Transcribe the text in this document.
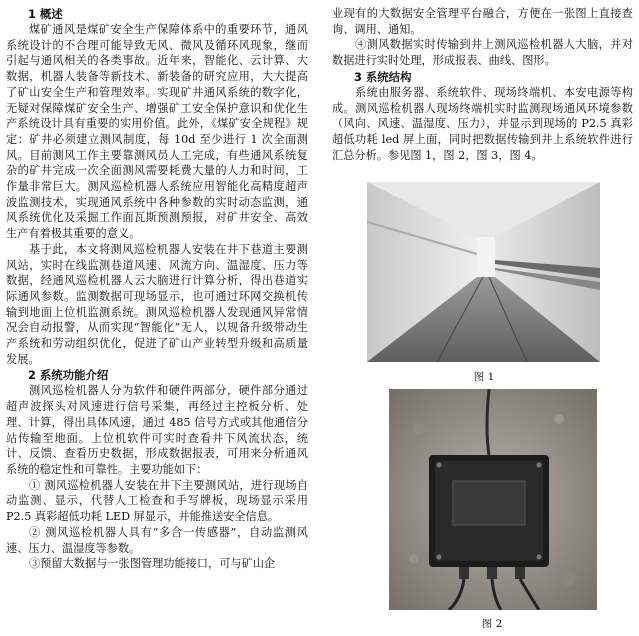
1 概述

煤矿通风是煤矿安全生产保障体系中的重要环节，通风系统设计的不合理可能导致无风、微风及循环风现象，继而引起与通风相关的各类事故。近年来，智能化、云计算、大数据，机器人装备等新技术、新装备的研究应用，大大提高了矿山安全生产和管理效率。实现矿井通风系统的数字化，无疑对保障煤矿安全生产、增强矿工安全保护意识和优化生产系统设计具有重要的实用价值。此外，《煤矿安全规程》规定：矿井必须建立测风制度，每 10d 至少进行 1 次全面测风。目前测风工作主要靠测风员人工完成，有些通风系统复杂的矿井完成一次全面测风需要耗费大量的人力和时间，工作量非常巨大。测风巡检机器人系统应用智能化高精度超声波监测技术，实现通风系统中各种参数的实时动态监测，通风系统优化及采掘工作面瓦斯预测预报，对矿井安全、高效生产有着极其重要的意义。

基于此，本文将测风巡检机器人安装在井下巷道主要测风站，实时在线监测巷道风速、风流方向、温湿度、压力等数据，经通风巡检机器人云大脑进行计算分析，得出巷道实际通风参数。监测数据可现场显示，也可通过环网交换机传输到地面上位机监测系统。测风巡检机器人发现通风异常情况会自动报警，从而实现“智能化”无人，以规备升级带动生产系统和劳动组织优化，促进了矿山产业转型升级和高质量发展。

2 系统功能介绍

测风巡检机器人分为软件和硬件两部分，硬件部分通过超声波探头对风速进行信号采集，再经过主控板分析、处理、计算，得出具体风速，通过 485 信号方式或其他通信分站传输至地面。上位机软件可实时查看井下风流状态，统计、反馈、查看历史数据，形成数据报表，可用来分析通风系统的稳定性和可靠性。主要功能如下：

① 测风巡检机器人安装在井下主要测风站，进行现场自动监测、显示，代替人工检查和手写牌板，现场显示采用 P2.5 真彩超低功耗 LED 屏显示，并能推送安全信息。

② 测风巡检机器人具有“多合一传感器”，自动监测风速、压力、温湿度等参数。

③预留大数据与一张图管理功能接口，可与矿山企

业现有的大数据安全管理平台融合，方便在一张图上直接查询、调用、通知。

④测风数据实时传输到井上测风巡检机器人大脑，并对数据进行实时处理，形成报表、曲线、图形。

3 系统结构

系统由服务器、系统软件、现场终端机、本安电源等构成。测风巡检机器人现场终端机实时监测现场通风环境参数（风向、风速、温湿度、压力），并显示到现场的 P2.5 真彩超低功耗 led 屏上面，同时把数据传输到井上系统软件进行汇总分析。参见图 1，图 2，图 3，图 4。

图 1
图 2
